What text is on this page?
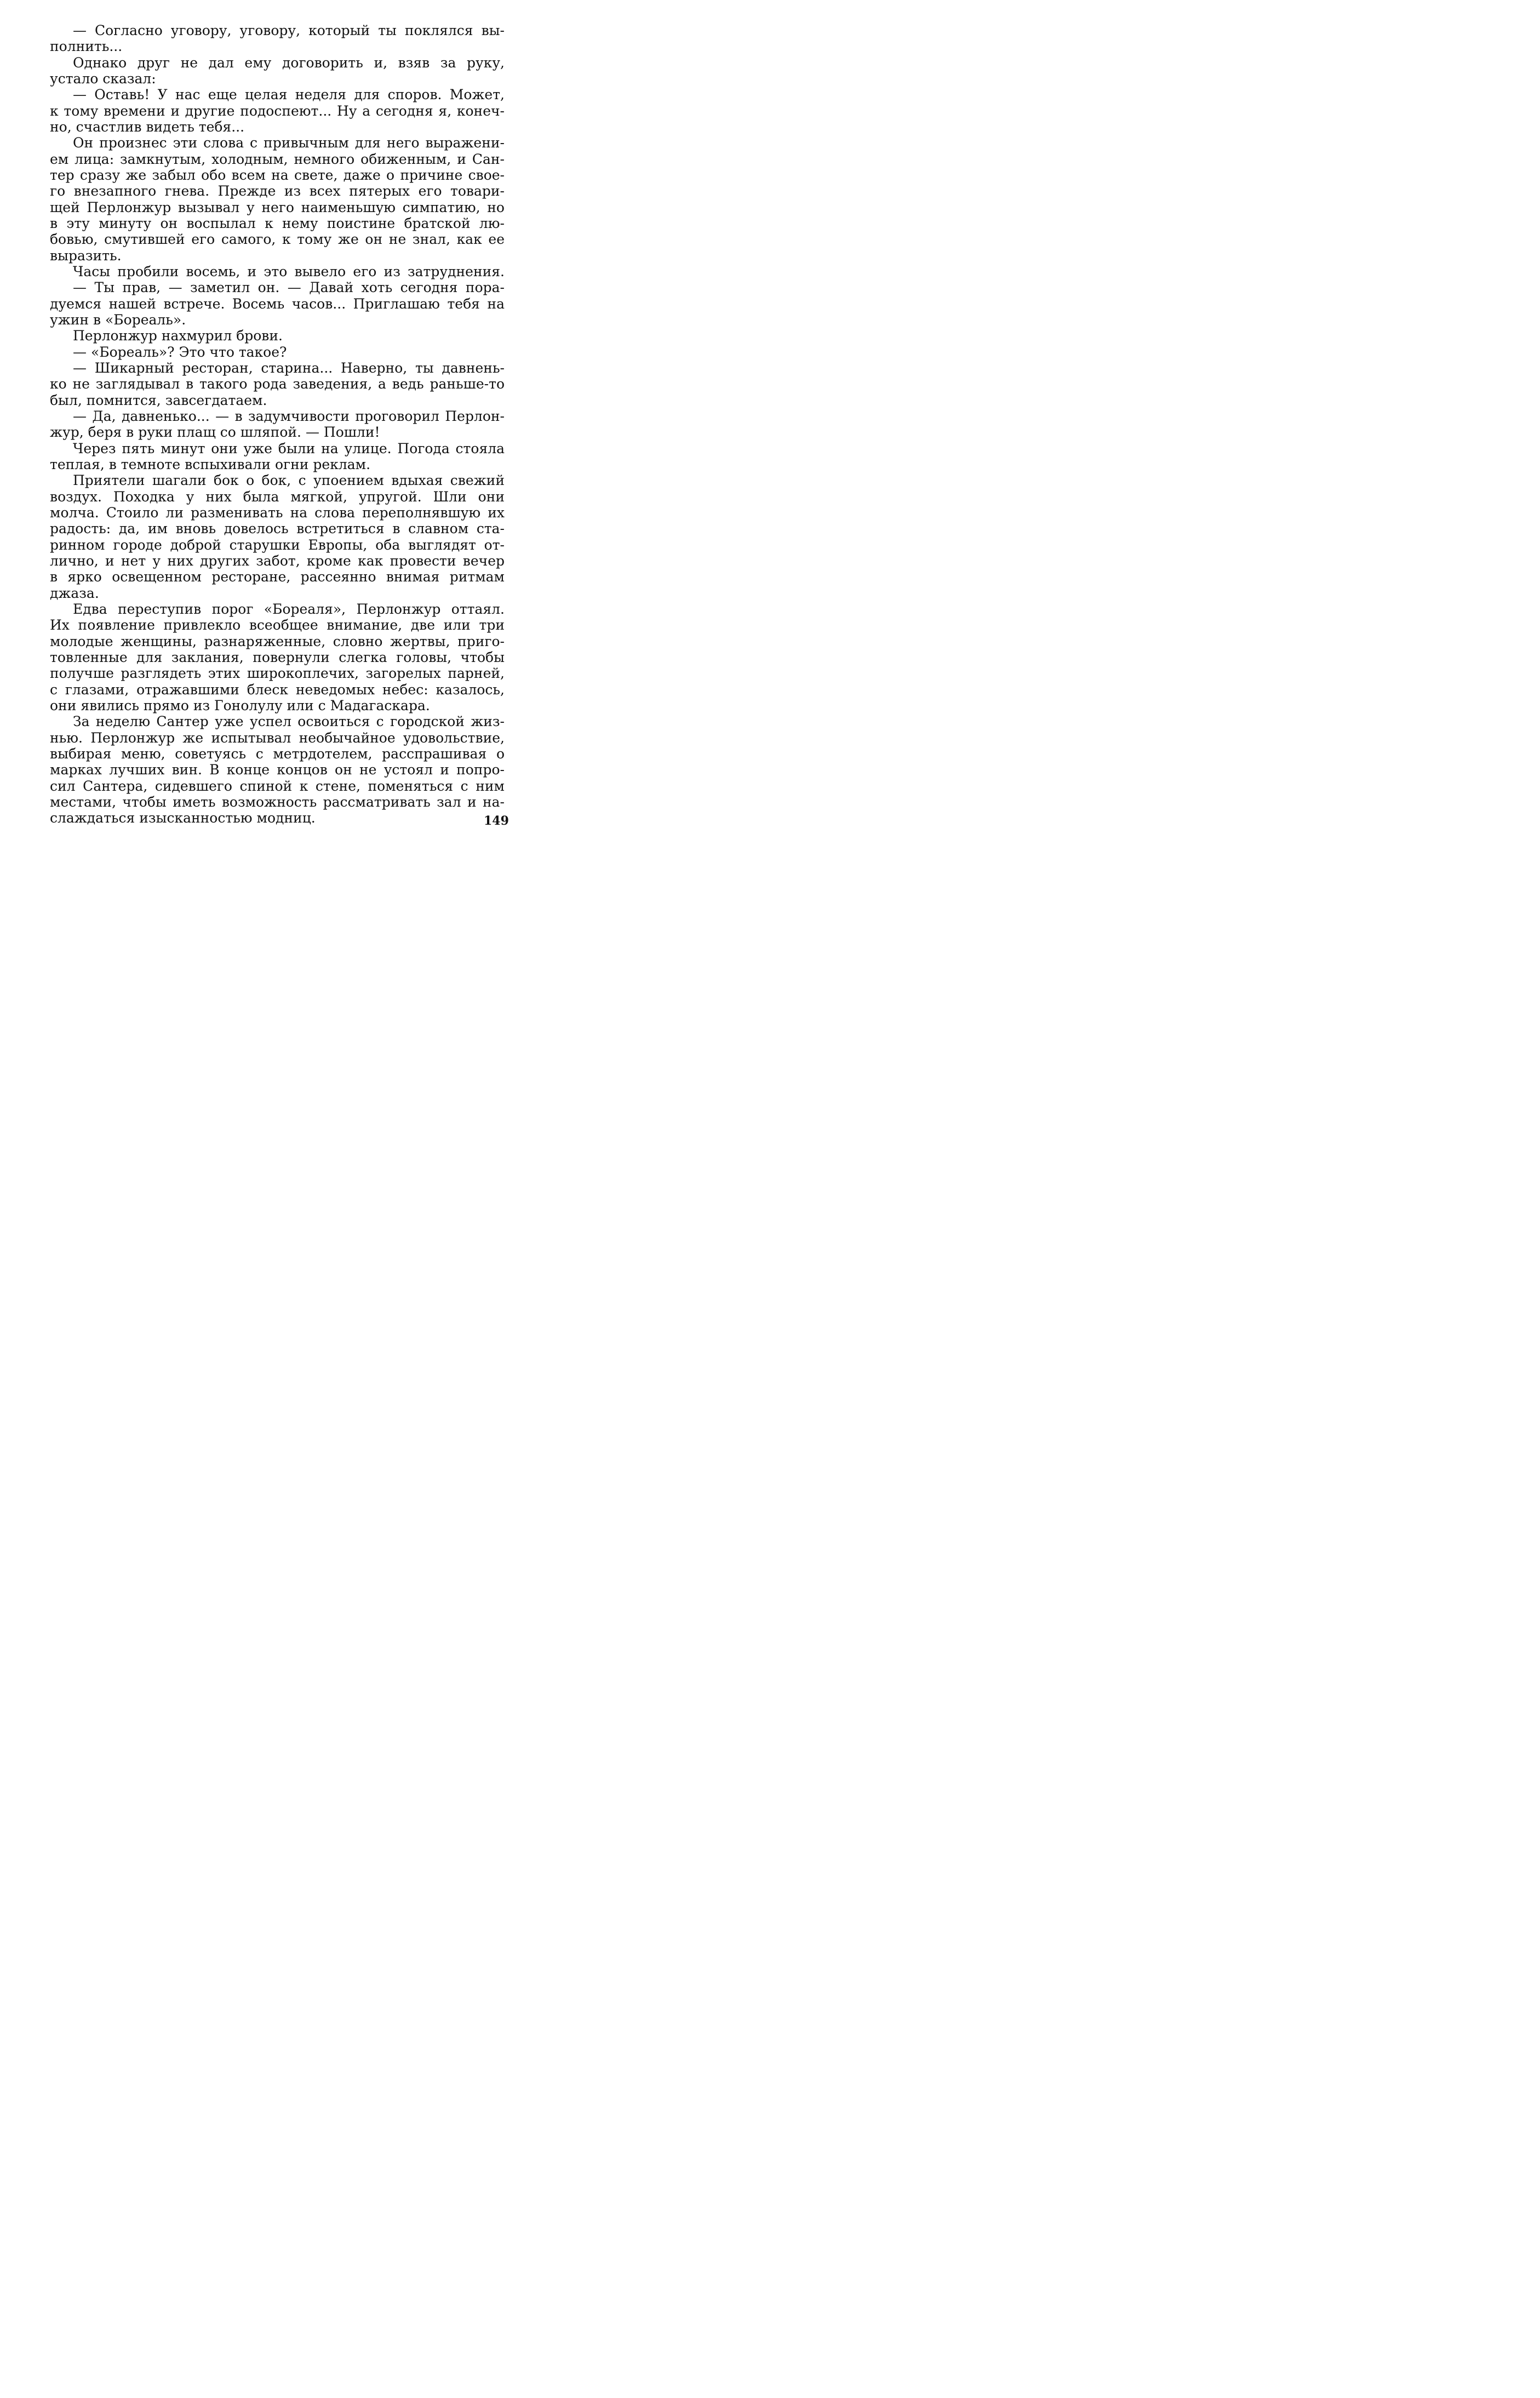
— Согласно уговору, уговору, который ты поклялся вы-
полнить...
Однако друг не дал ему договорить и, взяв за руку,
устало сказал:
— Оставь! У нас еще целая неделя для споров. Может,
к тому времени и другие подоспеют... Ну а сегодня я, конеч-
но, счастлив видеть тебя...
Он произнес эти слова с привычным для него выражени-
ем лица: замкнутым, холодным, немного обиженным, и Сан-
тер сразу же забыл обо всем на свете, даже о причине свое-
го внезапного гнева. Прежде из всех пятерых его товари-
щей Перлонжур вызывал у него наименьшую симпатию, но
в эту минуту он воспылал к нему поистине братской лю-
бовью, смутившей его самого, к тому же он не знал, как ее
выразить.
Часы пробили восемь, и это вывело его из затруднения.
— Ты прав, — заметил он. — Давай хоть сегодня пора-
дуемся нашей встрече. Восемь часов... Приглашаю тебя на
ужин в «Бореаль».
Перлонжур нахмурил брови.
— «Бореаль»? Это что такое?
— Шикарный ресторан, старина... Наверно, ты давнень-
ко не заглядывал в такого рода заведения, а ведь раньше-то
был, помнится, завсегдатаем.
— Да, давненько... — в задумчивости проговорил Перлон-
жур, беря в руки плащ со шляпой. — Пошли!
Через пять минут они уже были на улице. Погода стояла
теплая, в темноте вспыхивали огни реклам.
Приятели шагали бок о бок, с упоением вдыхая свежий
воздух. Походка у них была мягкой, упругой. Шли они
молча. Стоило ли разменивать на слова переполнявшую их
радость: да, им вновь довелось встретиться в славном ста-
ринном городе доброй старушки Европы, оба выглядят от-
лично, и нет у них других забот, кроме как провести вечер
в ярко освещенном ресторане, рассеянно внимая ритмам
джаза.
Едва переступив порог «Бореаля», Перлонжур оттаял.
Их появление привлекло всеобщее внимание, две или три
молодые женщины, разнаряженные, словно жертвы, приго-
товленные для заклания, повернули слегка головы, чтобы
получше разглядеть этих широкоплечих, загорелых парней,
с глазами, отражавшими блеск неведомых небес: казалось,
они явились прямо из Гонолулу или с Мадагаскара.
За неделю Сантер уже успел освоиться с городской жиз-
нью. Перлонжур же испытывал необычайное удовольствие,
выбирая меню, советуясь с метрдотелем, расспрашивая о
марках лучших вин. В конце концов он не устоял и попро-
сил Сантера, сидевшего спиной к стене, поменяться с ним
местами, чтобы иметь возможность рассматривать зал и на-
слаждаться изысканностью модниц.	149
